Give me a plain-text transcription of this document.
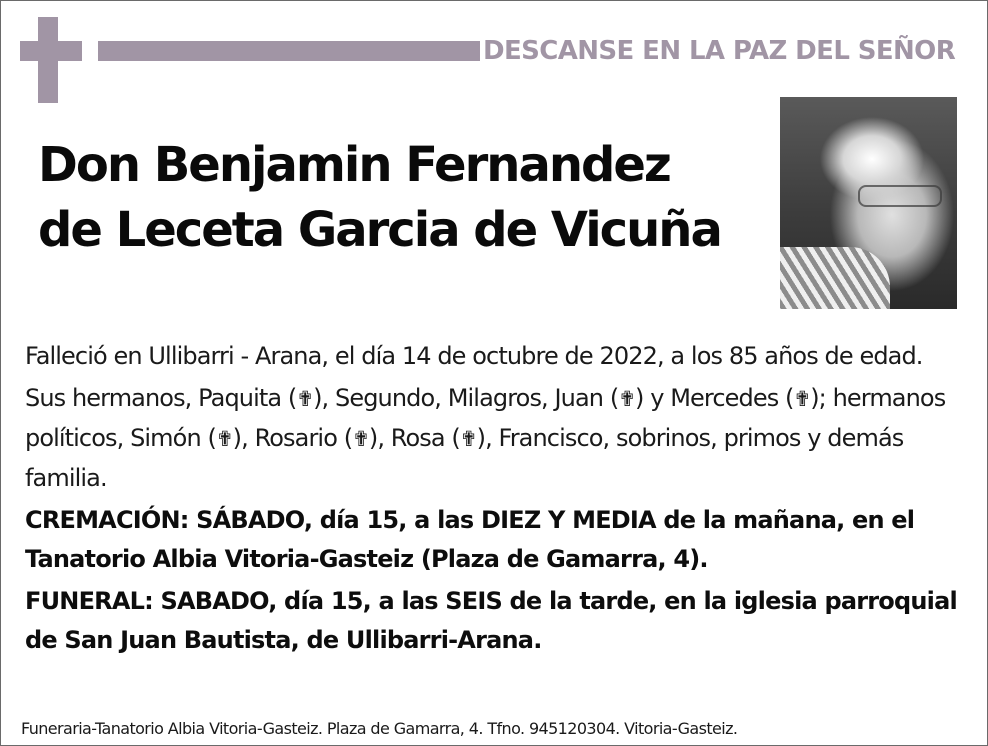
DESCANSE EN LA PAZ DEL SEÑOR
Don Benjamin Fernandez
de Leceta Garcia de Vicuña

Falleció en Ullibarri - Arana, el día 14 de octubre de 2022, a los 85 años de edad.

Sus hermanos, Paquita (✟), Segundo, Milagros, Juan (✟) y Mercedes (✟); hermanos políticos, Simón (✟), Rosario (✟), Rosa (✟), Francisco, sobrinos, primos y demás familia.

CREMACIÓN: SÁBADO, día 15, a las DIEZ Y MEDIA de la mañana, en el Tanatorio Albia Vitoria-Gasteiz (Plaza de Gamarra, 4).

FUNERAL: SABADO, día 15, a las SEIS de la tarde, en la iglesia parroquial de San Juan Bautista, de Ullibarri-Arana.

Funeraria-Tanatorio Albia Vitoria-Gasteiz. Plaza de Gamarra, 4. Tfno. 945120304. Vitoria-Gasteiz.
